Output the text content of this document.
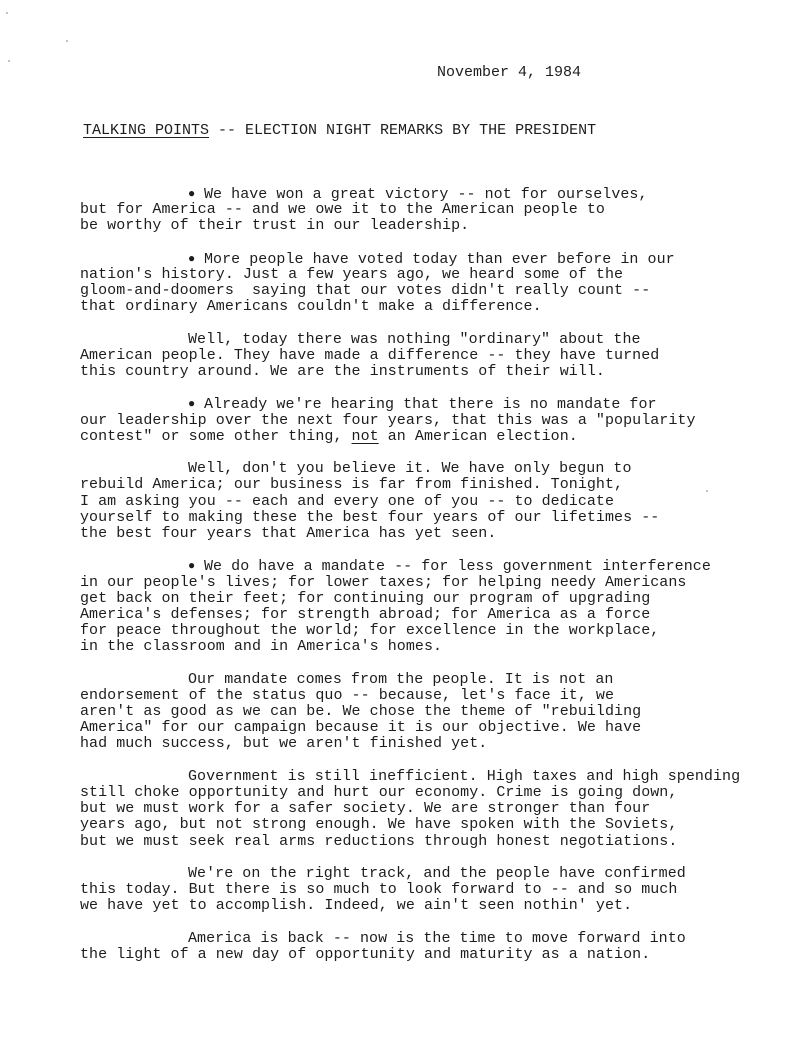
November 4, 1984
TALKING POINTS -- ELECTION NIGHT REMARKS BY THE PRESIDENT
● We have won a great victory -- not for ourselves,
but for America -- and we owe it to the American people to
be worthy of their trust in our leadership.
● More people have voted today than ever before in our
nation's history. Just a few years ago, we heard some of the
gloom-and-doomers  saying that our votes didn't really count --
that ordinary Americans couldn't make a difference.
Well, today there was nothing "ordinary" about the
American people. They have made a difference -- they have turned
this country around. We are the instruments of their will.
● Already we're hearing that there is no mandate for
our leadership over the next four years, that this was a "popularity
contest" or some other thing, not an American election.
Well, don't you believe it. We have only begun to
rebuild America; our business is far from finished. Tonight,
I am asking you -- each and every one of you -- to dedicate
yourself to making these the best four years of our lifetimes --
the best four years that America has yet seen.
● We do have a mandate -- for less government interference
in our people's lives; for lower taxes; for helping needy Americans
get back on their feet; for continuing our program of upgrading
America's defenses; for strength abroad; for America as a force
for peace throughout the world; for excellence in the workplace,
in the classroom and in America's homes.
Our mandate comes from the people. It is not an
endorsement of the status quo -- because, let's face it, we
aren't as good as we can be. We chose the theme of "rebuilding
America" for our campaign because it is our objective. We have
had much success, but we aren't finished yet.
Government is still inefficient. High taxes and high spending
still choke opportunity and hurt our economy. Crime is going down,
but we must work for a safer society. We are stronger than four
years ago, but not strong enough. We have spoken with the Soviets,
but we must seek real arms reductions through honest negotiations.
We're on the right track, and the people have confirmed
this today. But there is so much to look forward to -- and so much
we have yet to accomplish. Indeed, we ain't seen nothin' yet.
America is back -- now is the time to move forward into
the light of a new day of opportunity and maturity as a nation.
